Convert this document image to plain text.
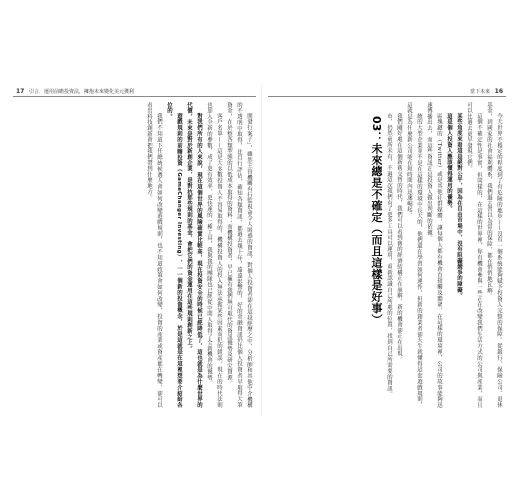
17 引言．運用前瞻投資法，擁抱未來變化美元獲利

開發行案子」，雖然主管機關有行監視命令人困惑的資訊，對個人投資者卻在這段經歷之中，分析師和其他中介機構的不透明中取得，比自行評估，確知各類資訊，都過去幾十年，遠遠影響的，好的金融資訊仍比個人投資者早取得大筆資金，在於整各類型態的以低成本取得的資料；而機構投資者，早已擁有我們無可取代的資訊優勢及研究資源。

客戶名單——這是大多數投資人不容易取得的，機構投資人的投入無法承擔某些因素而犯的錯誤。現在的時代法則也加入全新的參數，成了更有效率、更快速的一種工具，我與我的團隊也已經從中間人取得了全新機會的優勢。

對我們所有的人來說，現在這個世界的風險確實比較高，現在投資安全的時候已經降低了，這也就是為什麼世界的代價，未來是對於新創企業，是對抗那些規則的基金，會把它們的資金運用在這些規則創新之上。

遊戲規則的前瞻投資（GameChanger Investing），一一個新的投資概念，於是這就是在這裡想要介紹給各位的。

我們不知道下任總統候選人會如何改變遊戲規則，也不知道政策會如何改變，投資的產業或資產都在轉變，卻可以看出科技創新會把我們帶到什麼地方。

當下未來 16

今天世界不穩定的程度到了有危險的地步——沒有一個系統能夠賦予投資人完整的保障。從銀行、保險公司、退休基金，到國家的社會福利體系，我們過去習以為常的保障，都在悄悄地瓦解。

這個不確定性是事實，但同樣的，在這樣的世界裡，你有機會參與一些正在改變我們生活方式的公司與產業，而且可以比過去更早發現它們。

某些角度來看這是絕對公平，因為在自由市場中，沒有阻礙競爭的障礙。

這是個人投資人應該懂得運用的優勢。

區塊鏈的（Twitter）或是其他社群媒體，讓每個人都有機會直接觸及聽眾，在這樣的環境裡，公司的故事能夠迅速傳播出去，而這些資訊正是投資人做出判斷的依據。

統的大型企業並不是在這樣的環境中長大的，他們還在學習如何運作，但新的創業者卻天生就懂得這套遊戲規則，這就是為什麼新公司能在短時間內迅速崛起。

我們剛好處在這個新舊交替的時代，我們可以看到舊的經濟結構正在崩解，新的機會卻正在出現。

市，仍然前所未有，不過這次我們有了更多工具可以運用，重新認識自己所處的位置，找到自己所需要的資訊。

03：未來總是不確定（而且這樣是好事）
